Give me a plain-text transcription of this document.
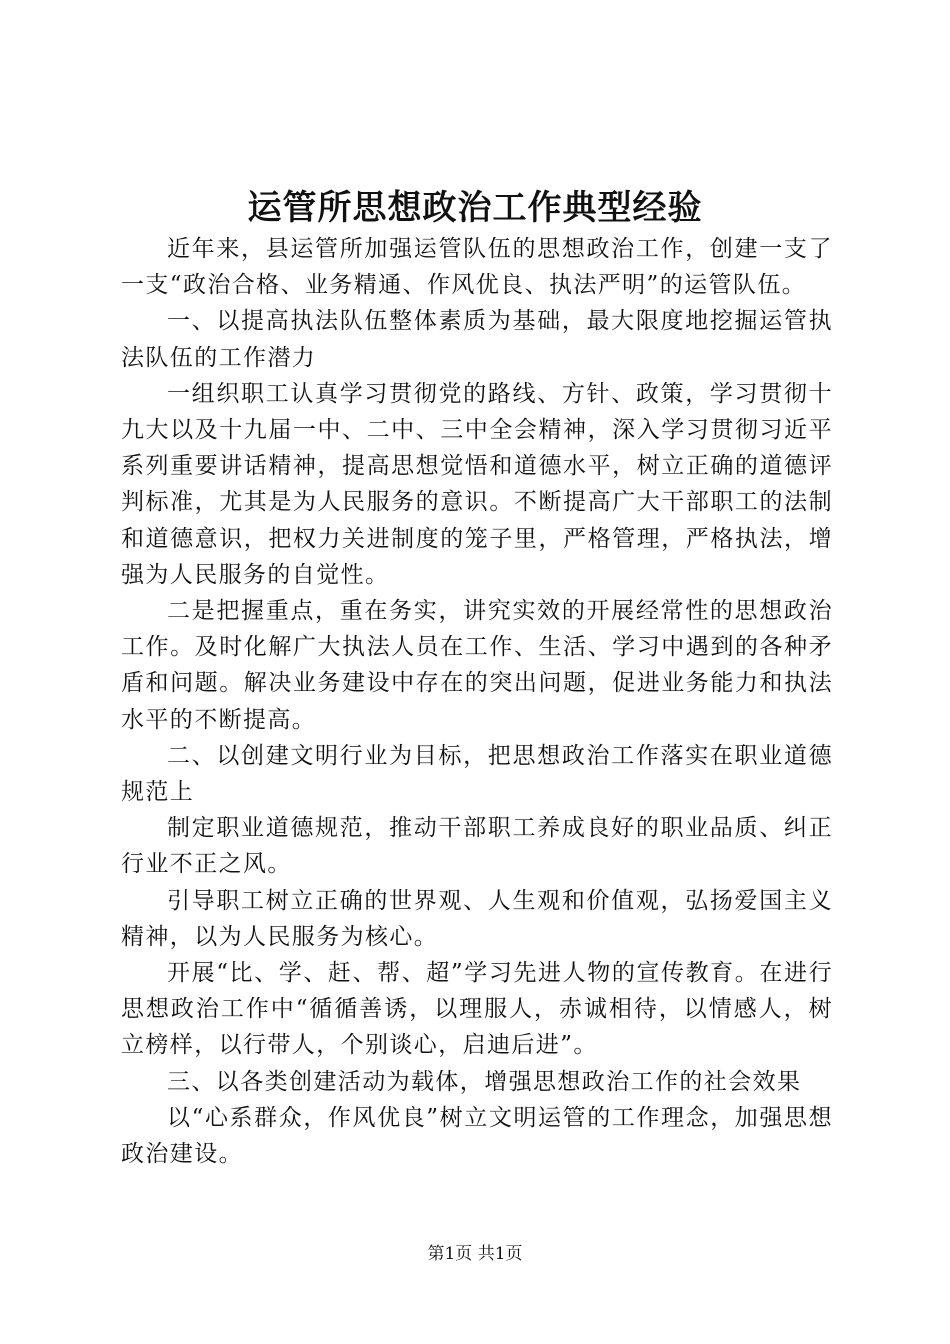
运管所思想政治工作典型经验

近年来，县运管所加强运管队伍的思想政治工作，创建一支了一支“政治合格、业务精通、作风优良、执法严明”的运管队伍。

一、以提高执法队伍整体素质为基础，最大限度地挖掘运管执法队伍的工作潜力

一组织职工认真学习贯彻党的路线、方针、政策，学习贯彻十九大以及十九届一中、二中、三中全会精神，深入学习贯彻习近平系列重要讲话精神，提高思想觉悟和道德水平，树立正确的道德评判标准，尤其是为人民服务的意识。不断提高广大干部职工的法制和道德意识，把权力关进制度的笼子里，严格管理，严格执法，增强为人民服务的自觉性。

二是把握重点，重在务实，讲究实效的开展经常性的思想政治工作。及时化解广大执法人员在工作、生活、学习中遇到的各种矛盾和问题。解决业务建设中存在的突出问题，促进业务能力和执法水平的不断提高。

二、以创建文明行业为目标，把思想政治工作落实在职业道德规范上

制定职业道德规范，推动干部职工养成良好的职业品质、纠正行业不正之风。

引导职工树立正确的世界观、人生观和价值观，弘扬爱国主义精神，以为人民服务为核心。

开展“比、学、赶、帮、超”学习先进人物的宣传教育。在进行思想政治工作中“循循善诱，以理服人，赤诚相待，以情感人，树立榜样，以行带人，个别谈心，启迪后进”。

三、以各类创建活动为载体，增强思想政治工作的社会效果

以“心系群众，作风优良”树立文明运管的工作理念，加强思想政治建设。

第1页 共1页
